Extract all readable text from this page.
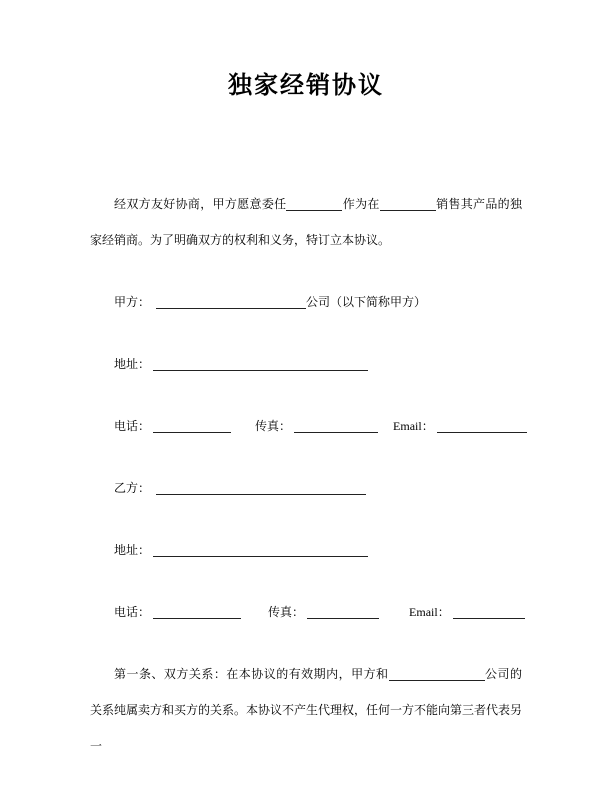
独家经销协议

经双方友好协商，甲方愿意委任	作为在	销售其产品的独家经销商。为了明确双方的权利和义务，特订立本协议。

甲方：	公司（以下简称甲方）

地址：

电话：	传真：	Email：

乙方：

地址：

电话：	传真：	Email：

第一条、双方关系：在本协议的有效期内，甲方和	公司的关系纯属卖方和买方的关系。本协议不产生代理权，任何一方不能向第三者代表另一
